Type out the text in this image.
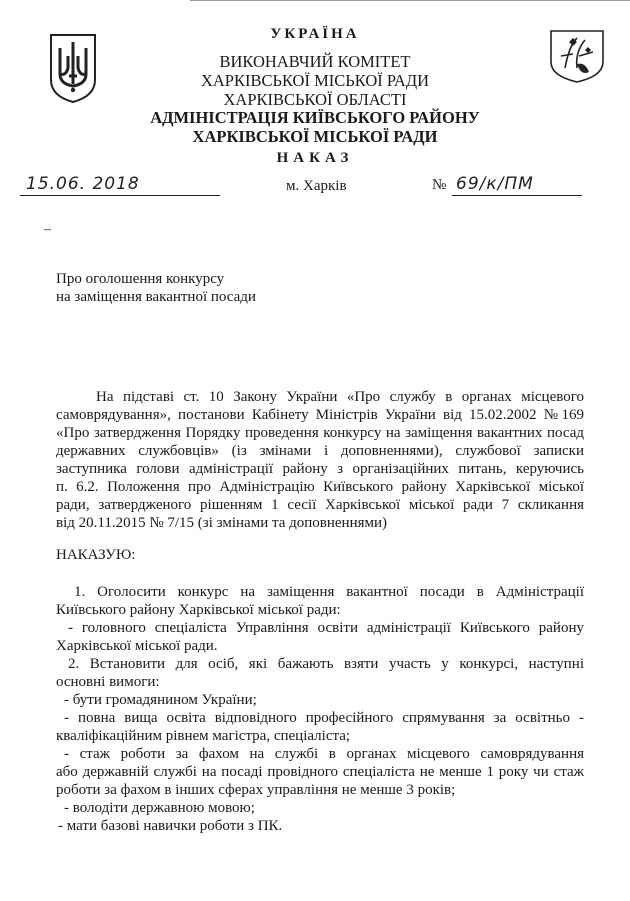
УКРАЇНА
ВИКОНАВЧИЙ КОМІТЕТ
ХАРКІВСЬКОЇ МІСЬКОЇ РАДИ
ХАРКІВСЬКОЇ ОБЛАСТІ
АДМІНІСТРАЦІЯ КИЇВСЬКОГО РАЙОНУ
ХАРКІВСЬКОЇ МІСЬКОЇ РАДИ
НАКАЗ
15.06. 2018	м. Харків	№ 69/к/ПМ
–
Про оголошення конкурсу
на заміщення вакантної посади
На підставі ст. 10 Закону України «Про службу в органах місцевого
самоврядування», постанови Кабінету Міністрів України від 15.02.2002 №169
«Про затвердження Порядку проведення конкурсу на заміщення вакантних посад
державних службовців» (із змінами і доповненнями), службової записки
заступника голови адміністрації району з організаційних питань, керуючись
п. 6.2. Положення про Адміністрацію Київського району Харківської міської
ради, затвердженого рішенням 1 сесії Харківської міської ради 7 скликання
від 20.11.2015 № 7/15 (зі змінами та доповненнями)
НАКАЗУЮ:
1. Оголосити конкурс на заміщення вакантної посади в Адміністрації
Київського району Харківської міської ради:
- головного спеціаліста Управління освіти адміністрації Київського району
Харківської міської ради.
2. Встановити для осіб, які бажають взяти участь у конкурсі, наступні
основні вимоги:
- бути громадянином України;
- повна вища освіта відповідного професійного спрямування за освітньо -
кваліфікаційним рівнем магістра, спеціаліста;
- стаж роботи за фахом на службі в органах місцевого самоврядування
або державній службі на посаді провідного спеціаліста не менше 1 року чи стаж
роботи за фахом в інших сферах управління не менше 3 років;
- володіти державною мовою;
- мати базові навички роботи з ПК.
